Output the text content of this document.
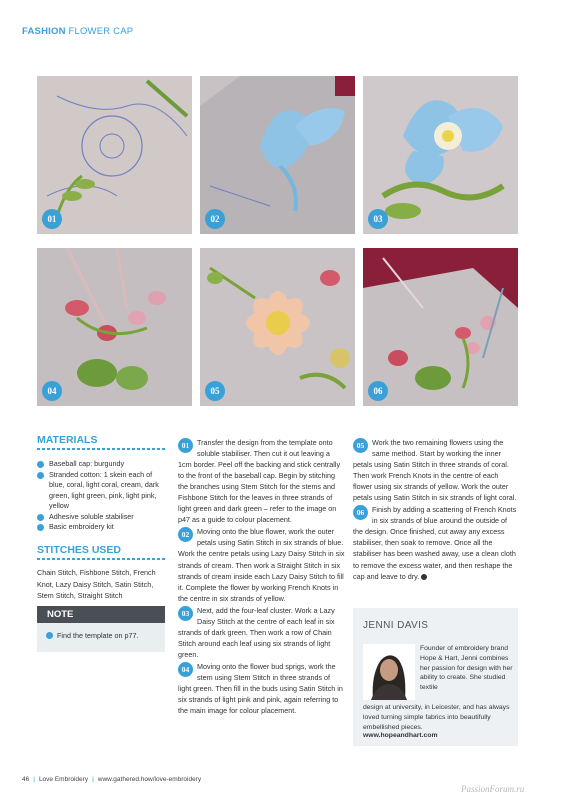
FASHION FLOWER CAP
01	02	03
04	05	06
MATERIALS
Baseball cap: burgundy
Stranded cotton: 1 skein each of blue, coral, light coral, cream, dark green, light green, pink, light pink, yellow
Adhesive soluble stabiliser
Basic embroidery kit
STITCHES USED
Chain Stitch, Fishbone Stitch, French Knot, Lazy Daisy Stitch, Satin Stitch, Stem Stitch, Straight Stitch
NOTE
Find the template on p77.

01	Transfer the design from the template onto soluble stabiliser. Then cut it out leaving a 1cm border. Peel off the backing and stick centrally to the front of the baseball cap. Begin by stitching the branches using Stem Stitch for the stems and Fishbone Stitch for the leaves in three strands of light green and dark green – refer to the image on p47 as a guide to colour placement.

02	Moving onto the blue flower, work the outer petals using Satin Stitch in six strands of blue. Work the centre petals using Lazy Daisy Stitch in six strands of cream. Then work a Straight Stitch in six strands of cream inside each Lazy Daisy Stitch to fill it. Complete the flower by working French Knots in the centre in six strands of yellow.

03	Next, add the four-leaf cluster. Work a Lazy Daisy Stitch at the centre of each leaf in six strands of dark green. Then work a row of Chain Stitch around each leaf using six strands of light green.

04	Moving onto the flower bud sprigs, work the stem using Stem Stitch in three strands of light green. Then fill in the buds using Satin Stitch in six strands of light pink and pink, again referring to the main image for colour placement.

05	Work the two remaining flowers using the same method. Start by working the inner petals using Satin Stitch in three strands of coral. Then work French Knots in the centre of each flower using six strands of yellow. Work the outer petals using Satin Stitch in six strands of light coral.

06	Finish by adding a scattering of French Knots in six strands of blue around the outside of the design. Once finished, cut away any excess stabiliser, then soak to remove. Once all the stabiliser has been washed away, use a clean cloth to remove the excess water, and then reshape the cap and leave to dry.

JENNI DAVIS
Founder of embroidery brand Hope & Hart, Jenni combines her passion for design with her ability to create. She studied textile
design at university, in Leicester, and has always loved turning simple fabrics into beautifully embellished pieces.
www.hopeandhart.com
46 | Love Embroidery | www.gathered.how/love-embroidery
PassionForum.ru
